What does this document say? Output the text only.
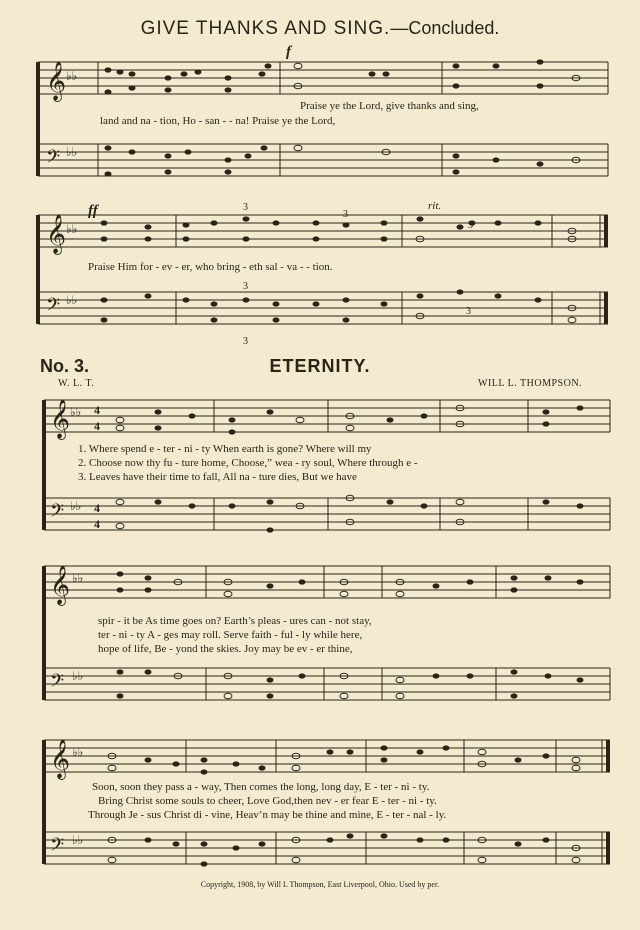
GIVE THANKS AND SING.—Concluded.
𝄞
𝄢
♭♭
♭♭
f
Praise ye the Lord, give thanks and sing,
land and na - tion, Ho - san - - na! Praise ye the Lord,
𝄞
𝄢
♭♭
♭♭
ff	rit.
3
3
3
3
3
3
Praise Him for - ev - er, who bring - eth sal - va - - tion.
No. 3.	ETERNITY.
W. L. T.	WILL L. THOMPSON.
𝄞
𝄢
♭♭
♭♭
4
4
4
4
1. Where spend e - ter - ni - ty When earth is gone? Where will my
2. Choose now thy fu - ture home, Choose,” wea - ry soul, Where through e -
3. Leaves have their time to fall, All na - ture dies, But we have
𝄞
𝄢
♭♭
♭♭
spir - it be As time goes on? Earth’s pleas - ures can - not stay,
ter - ni - ty A - ges may roll. Serve faith - ful - ly while here,
hope of life, Be - yond the skies. Joy may be ev - er thine,
𝄞
𝄢
♭♭
♭♭
Soon, soon they pass a - way, Then comes the long, long day, E - ter - ni - ty.
Bring Christ some souls to cheer, Love God,then nev - er fear E - ter - ni - ty.
Through Je - sus Christ di - vine, Heav’n may be thine and mine, E - ter - nal - ly.
Copyright, 1908, by Will L Thompson, East Liverpool, Ohio. Used by per.
